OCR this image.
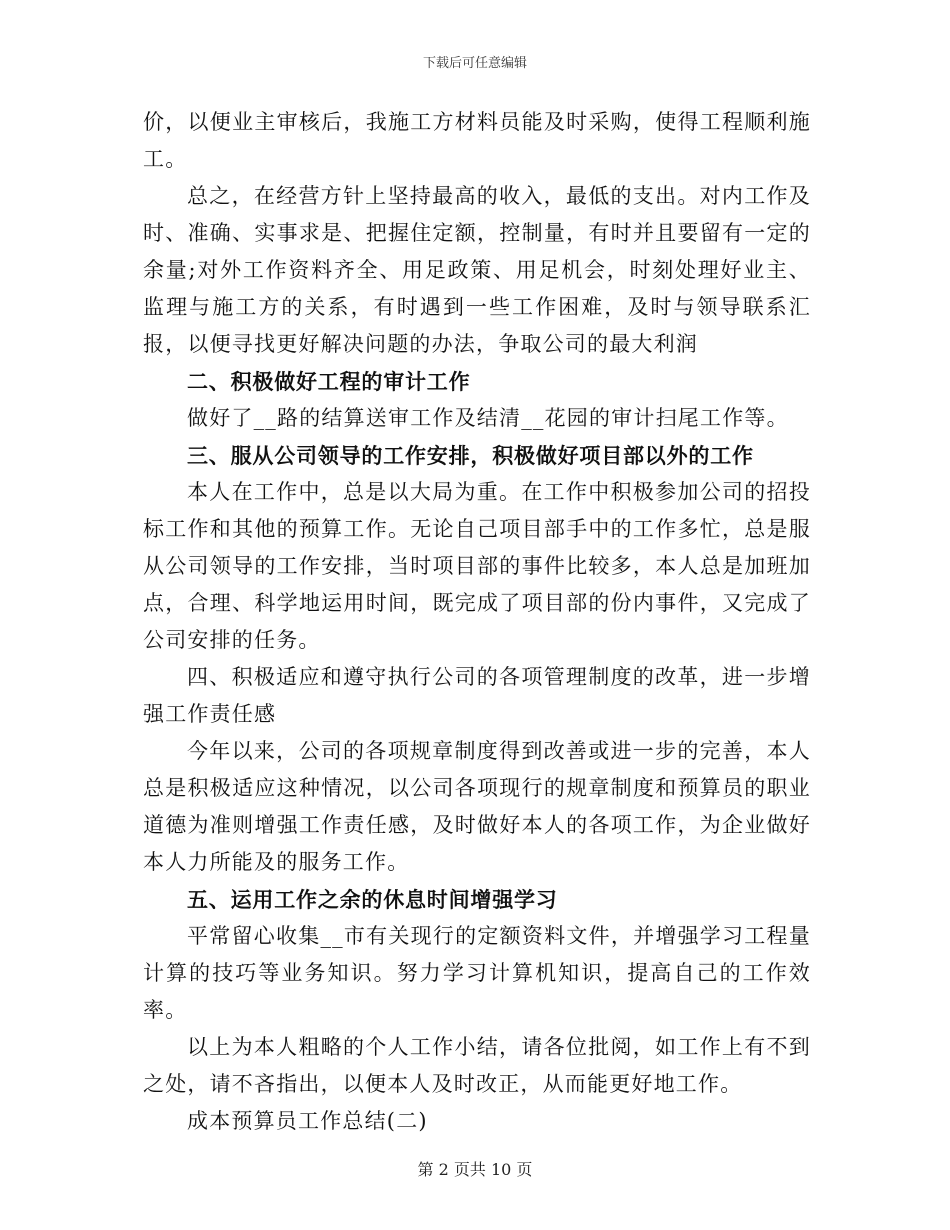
下载后可任意编辑

价，以便业主审核后，我施工方材料员能及时采购，使得工程顺利施工。

总之，在经营方针上坚持最高的收入，最低的支出。对内工作及时、准确、实事求是、把握住定额，控制量，有时并且要留有一定的余量;对外工作资料齐全、用足政策、用足机会，时刻处理好业主、监理与施工方的关系，有时遇到一些工作困难，及时与领导联系汇报，以便寻找更好解决问题的办法，争取公司的最大利润

二、积极做好工程的审计工作

做好了__路的结算送审工作及结清__花园的审计扫尾工作等。

三、服从公司领导的工作安排，积极做好项目部以外的工作

本人在工作中，总是以大局为重。在工作中积极参加公司的招投标工作和其他的预算工作。无论自己项目部手中的工作多忙，总是服从公司领导的工作安排，当时项目部的事件比较多，本人总是加班加点，合理、科学地运用时间，既完成了项目部的份内事件，又完成了公司安排的任务。

四、积极适应和遵守执行公司的各项管理制度的改革，进一步增强工作责任感

今年以来，公司的各项规章制度得到改善或进一步的完善，本人总是积极适应这种情况，以公司各项现行的规章制度和预算员的职业道德为准则增强工作责任感，及时做好本人的各项工作，为企业做好本人力所能及的服务工作。

五、运用工作之余的休息时间增强学习

平常留心收集__市有关现行的定额资料文件，并增强学习工程量计算的技巧等业务知识。努力学习计算机知识，提高自己的工作效率。

以上为本人粗略的个人工作小结，请各位批阅，如工作上有不到之处，请不吝指出，以便本人及时改正，从而能更好地工作。

成本预算员工作总结(二)

第 2 页共 10 页
